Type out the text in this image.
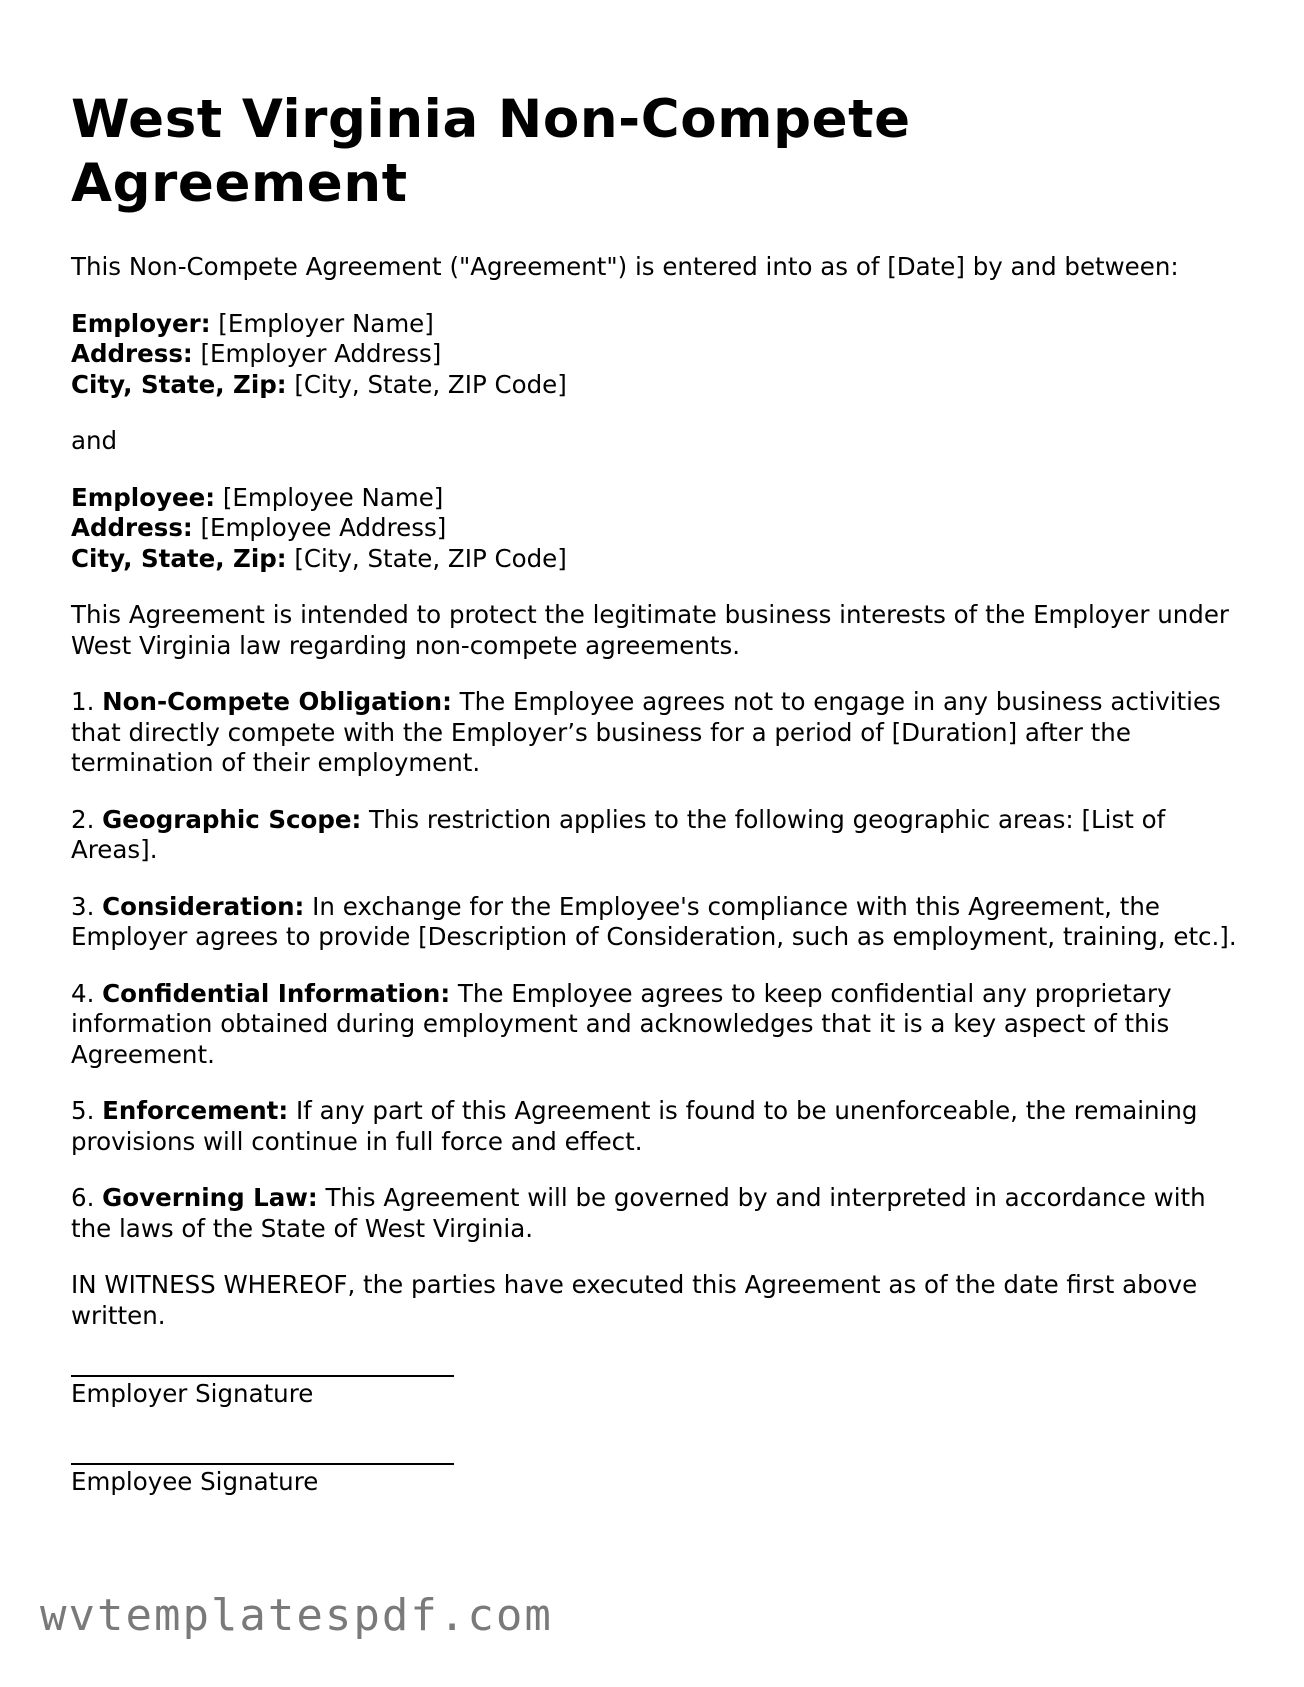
West Virginia Non-Compete Agreement

This Non-Compete Agreement ("Agreement") is entered into as of [Date] by and between:

Employer: [Employer Name]

Address: [Employer Address]

City, State, Zip: [City, State, ZIP Code]

and

Employee: [Employee Name]

Address: [Employee Address]

City, State, Zip: [City, State, ZIP Code]

This Agreement is intended to protect the legitimate business interests of the Employer under West Virginia law regarding non-compete agreements.

1. Non-Compete Obligation: The Employee agrees not to engage in any business activities that directly compete with the Employer’s business for a period of [Duration] after the termination of their employment.

2. Geographic Scope: This restriction applies to the following geographic areas: [List of Areas].

3. Consideration: In exchange for the Employee's compliance with this Agreement, the Employer agrees to provide [Description of Consideration, such as employment, training, etc.].

4. Confidential Information: The Employee agrees to keep confidential any proprietary information obtained during employment and acknowledges that it is a key aspect of this Agreement.

5. Enforcement: If any part of this Agreement is found to be unenforceable, the remaining provisions will continue in full force and effect.

6. Governing Law: This Agreement will be governed by and interpreted in accordance with the laws of the State of West Virginia.

IN WITNESS WHEREOF, the parties have executed this Agreement as of the date first above written.

Employer Signature
Employee Signature
wvtemplatespdf.com
